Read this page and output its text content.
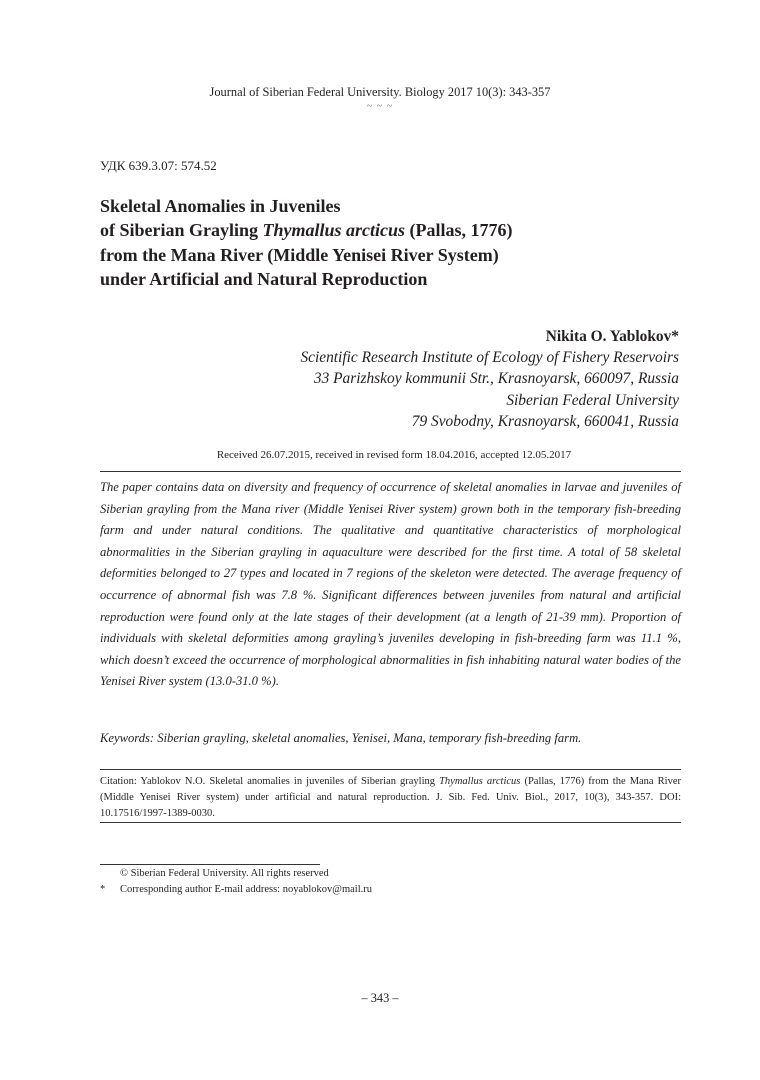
Journal of Siberian Federal University. Biology 2017 10(3): 343-357
~ ~ ~
УДК 639.3.07: 574.52
Skeletal Anomalies in Juveniles
of Siberian Grayling Thymallus arcticus (Pallas, 1776)
from the Mana River (Middle Yenisei River System)
under Artificial and Natural Reproduction
Nikita O. Yablokov*
Scientific Research Institute of Ecology of Fishery Reservoirs
33 Parizhskoy kommunii Str., Krasnoyarsk, 660097, Russia
Siberian Federal University
79 Svobodny, Krasnoyarsk, 660041, Russia
Received 26.07.2015, received in revised form 18.04.2016, accepted 12.05.2017
The paper contains data on diversity and frequency of occurrence of skeletal anomalies in larvae and juveniles of Siberian grayling from the Mana river (Middle Yenisei River system) grown both in the temporary fish-breeding farm and under natural conditions. The qualitative and quantitative characteristics of morphological abnormalities in the Siberian grayling in aquaculture were described for the first time. A total of 58 skeletal deformities belonged to 27 types and located in 7 regions of the skeleton were detected. The average frequency of occurrence of abnormal fish was 7.8 %. Significant differences between juveniles from natural and artificial reproduction were found only at the late stages of their development (at a length of 21-39 mm). Proportion of individuals with skeletal deformities among grayling’s juveniles developing in fish-breeding farm was 11.1 %, which doesn’t exceed the occurrence of morphological abnormalities in fish inhabiting natural water bodies of the Yenisei River system (13.0-31.0 %).
Keywords: Siberian grayling, skeletal anomalies, Yenisei, Mana, temporary fish-breeding farm.
Citation: Yablokov N.O. Skeletal anomalies in juveniles of Siberian grayling Thymallus arcticus (Pallas, 1776) from the Mana River (Middle Yenisei River system) under artificial and natural reproduction. J. Sib. Fed. Univ. Biol., 2017, 10(3), 343-357. DOI: 10.17516/1997-1389-0030.
© Siberian Federal University. All rights reserved
* Corresponding author E-mail address: noyablokov@mail.ru
– 343 –
